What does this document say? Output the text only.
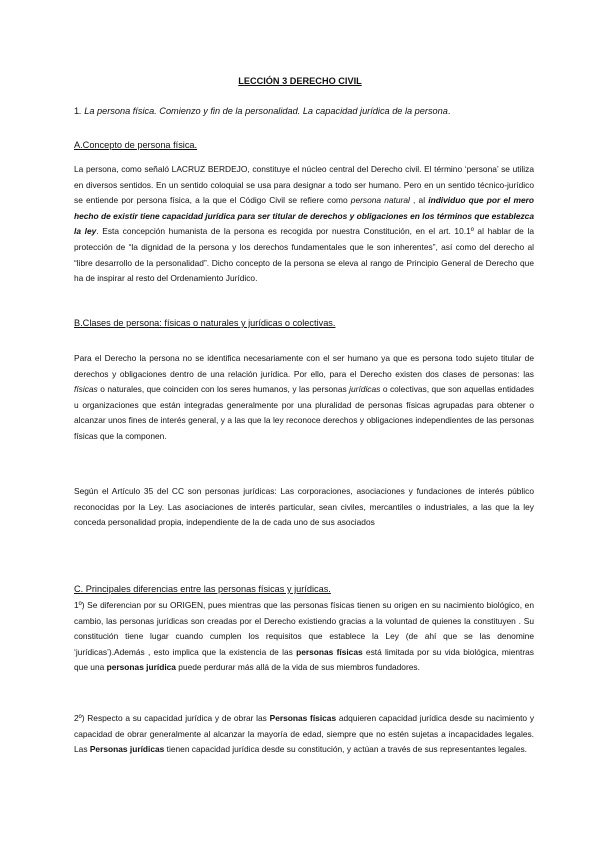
LECCIÓN 3 DERECHO CIVIL
1. La persona física. Comienzo y fin de la personalidad. La capacidad jurídica de la persona.
A.Concepto de persona física.

La persona, como señaló LACRUZ BERDEJO, constituye el núcleo central del Derecho civil. El término ‘persona’ se utiliza en diversos sentidos. En un sentido coloquial se usa para designar a todo ser humano. Pero en un sentido técnico-jurídico se entiende por persona física, a la que el Código Civil se refiere como persona natural , al individuo que por el mero hecho de existir tiene capacidad jurídica para ser titular de derechos y obligaciones en los términos que establezca la ley. Esta concepción humanista de la persona es recogida por nuestra Constitución, en el art. 10.1º al hablar de la protección de “la dignidad de la persona y los derechos fundamentales que le son inherentes”, así como del derecho al “libre desarrollo de la personalidad”. Dicho concepto de la persona se eleva al rango de Principio General de Derecho que ha de inspirar al resto del Ordenamiento Jurídico.

B.Clases de persona: físicas o naturales y jurídicas o colectivas.

Para el Derecho la persona no se identifica necesariamente con el ser humano ya que es persona todo sujeto titular de derechos y obligaciones dentro de una relación jurídica. Por ello, para el Derecho existen dos clases de personas: las físicas o naturales, que coinciden con los seres humanos, y las personas jurídicas o colectivas, que son aquellas entidades u organizaciones que están integradas generalmente por una pluralidad de personas físicas agrupadas para obtener o alcanzar unos fines de interés general, y a las que la ley reconoce derechos y obligaciones independientes de las personas físicas que la componen.

Según el Artículo 35 del CC son personas jurídicas: Las corporaciones, asociaciones y fundaciones de interés público reconocidas por la Ley. Las asociaciones de interés particular, sean civiles, mercantiles o industriales, a las que la ley conceda personalidad propia, independiente de la de cada uno de sus asociados

C. Principales diferencias entre las personas físicas y jurídicas.

1º) Se diferencian por su ORIGEN, pues mientras que las personas físicas tienen su origen en su nacimiento biológico, en cambio, las personas jurídicas son creadas por el Derecho existiendo gracias a la voluntad de quienes la constituyen . Su constitución tiene lugar cuando cumplen los requisitos que establece la Ley (de ahí que se las denomine ‘jurídicas’).Además , esto implica que la existencia de las personas físicas está limitada por su vida biológica, mientras que una personas jurídica puede perdurar más allá de la vida de sus miembros fundadores.

2º) Respecto a su capacidad jurídica y de obrar las Personas físicas adquieren capacidad jurídica desde su nacimiento y capacidad de obrar generalmente al alcanzar la mayoría de edad, siempre que no estén sujetas a incapacidades legales. Las Personas jurídicas tienen capacidad jurídica desde su constitución, y actúan a través de sus representantes legales.
